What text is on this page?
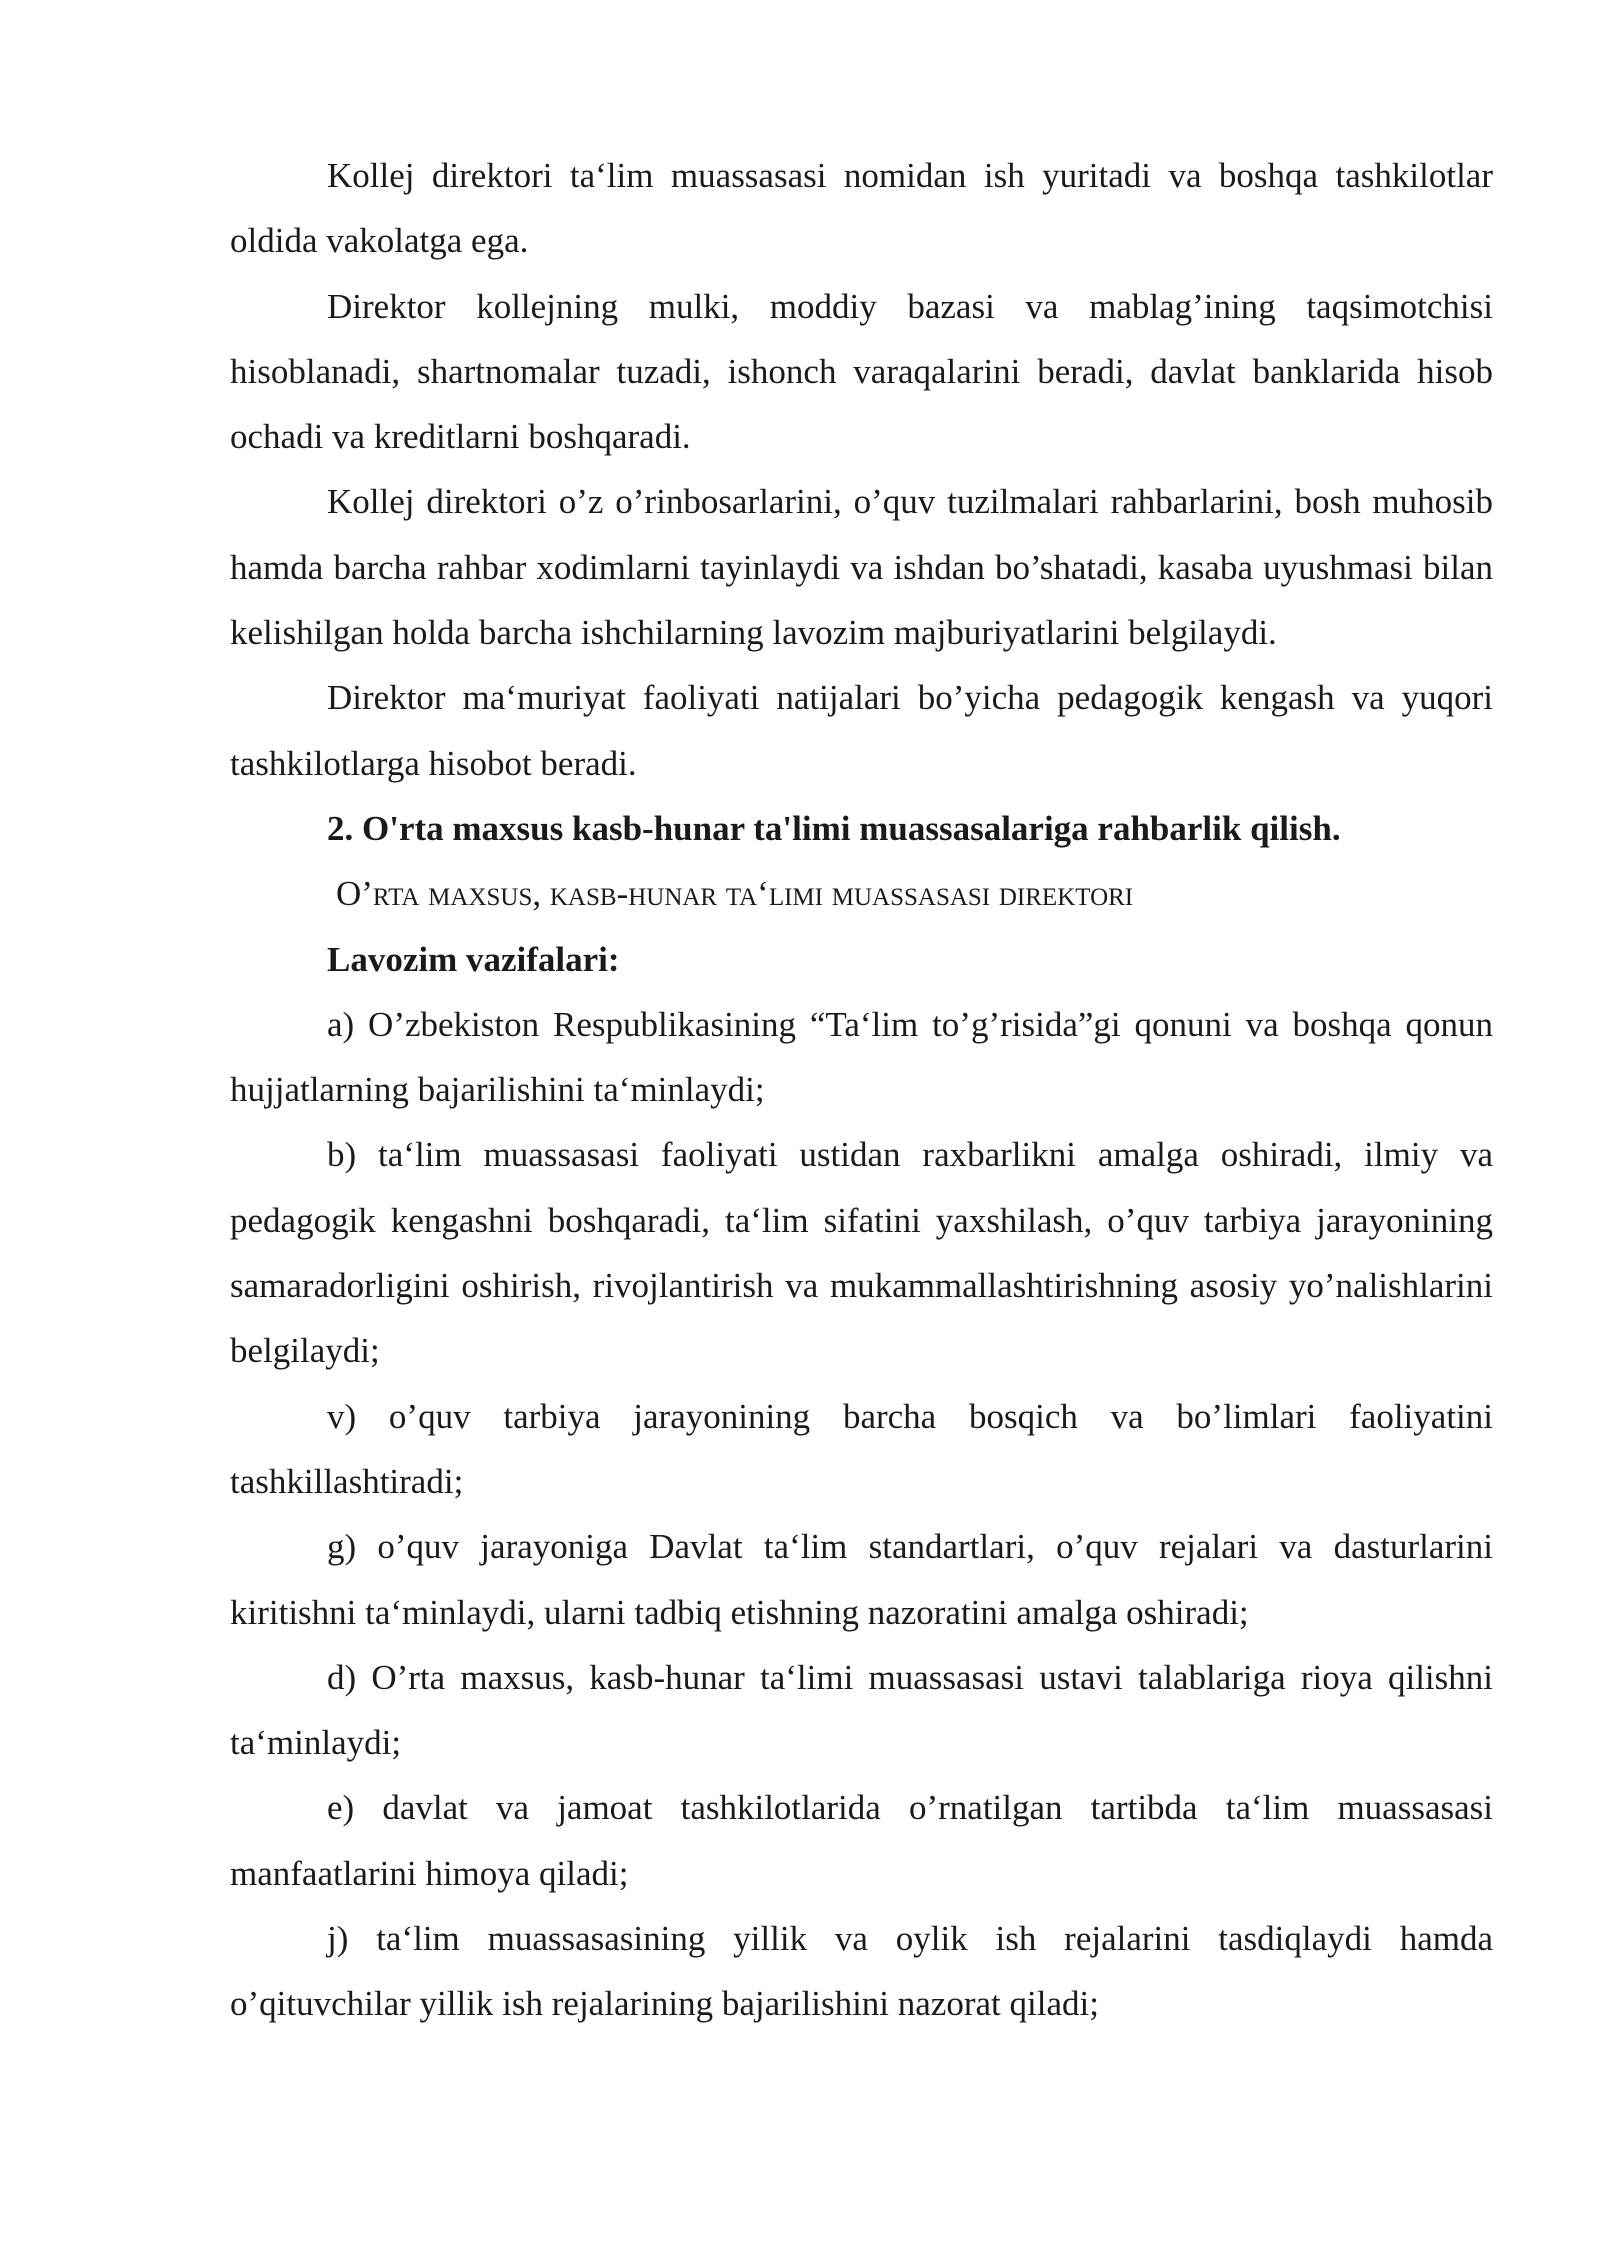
Kollej direktori ta‘lim muassasasi nomidan ish yuritadi va boshqa tashkilotlar oldida vakolatga ega.

Direktor kollejning mulki, moddiy bazasi va mablag’ining taqsimotchisi hisoblanadi, shartnomalar tuzadi, ishonch varaqalarini beradi, davlat banklarida hisob ochadi va kreditlarni boshqaradi.

Kollej direktori o’z o’rinbosarlarini, o’quv tuzilmalari rahbarlarini, bosh muhosib hamda barcha rahbar xodimlarni tayinlaydi va ishdan bo’shatadi, kasaba uyushmasi bilan kelishilgan holda barcha ishchilarning lavozim majburiyatlarini belgilaydi.

Direktor ma‘muriyat faoliyati natijalari bo’yicha pedagogik kengash va yuqori tashkilotlarga hisobot beradi.

2. O'rta maxsus kasb-hunar ta'limi muassasalariga rahbarlik qilish.

O’rta maxsus, kasb-hunar ta‘limi muassasasi direktori

Lavozim vazifalari:

a) O’zbekiston Respublikasining “Ta‘lim to’g’risida”gi qonuni va boshqa qonun hujjatlarning bajarilishini ta‘minlaydi;

b) ta‘lim muassasasi faoliyati ustidan raxbarlikni amalga oshiradi, ilmiy va pedagogik kengashni boshqaradi, ta‘lim sifatini yaxshilash, o’quv tarbiya jarayonining samaradorligini oshirish, rivojlantirish va mukammallashtirishning asosiy yo’nalishlarini belgilaydi;

v) o’quv tarbiya jarayonining barcha bosqich va bo’limlari faoliyatini tashkillashtiradi;

g) o’quv jarayoniga Davlat ta‘lim standartlari, o’quv rejalari va dasturlarini kiritishni ta‘minlaydi, ularni tadbiq etishning nazoratini amalga oshiradi;

d) O’rta maxsus, kasb-hunar ta‘limi muassasasi ustavi talablariga rioya qilishni ta‘minlaydi;

e) davlat va jamoat tashkilotlarida o’rnatilgan tartibda ta‘lim muassasasi manfaatlarini himoya qiladi;

j) ta‘lim muassasasining yillik va oylik ish rejalarini tasdiqlaydi hamda o’qituvchilar yillik ish rejalarining bajarilishini nazorat qiladi;
